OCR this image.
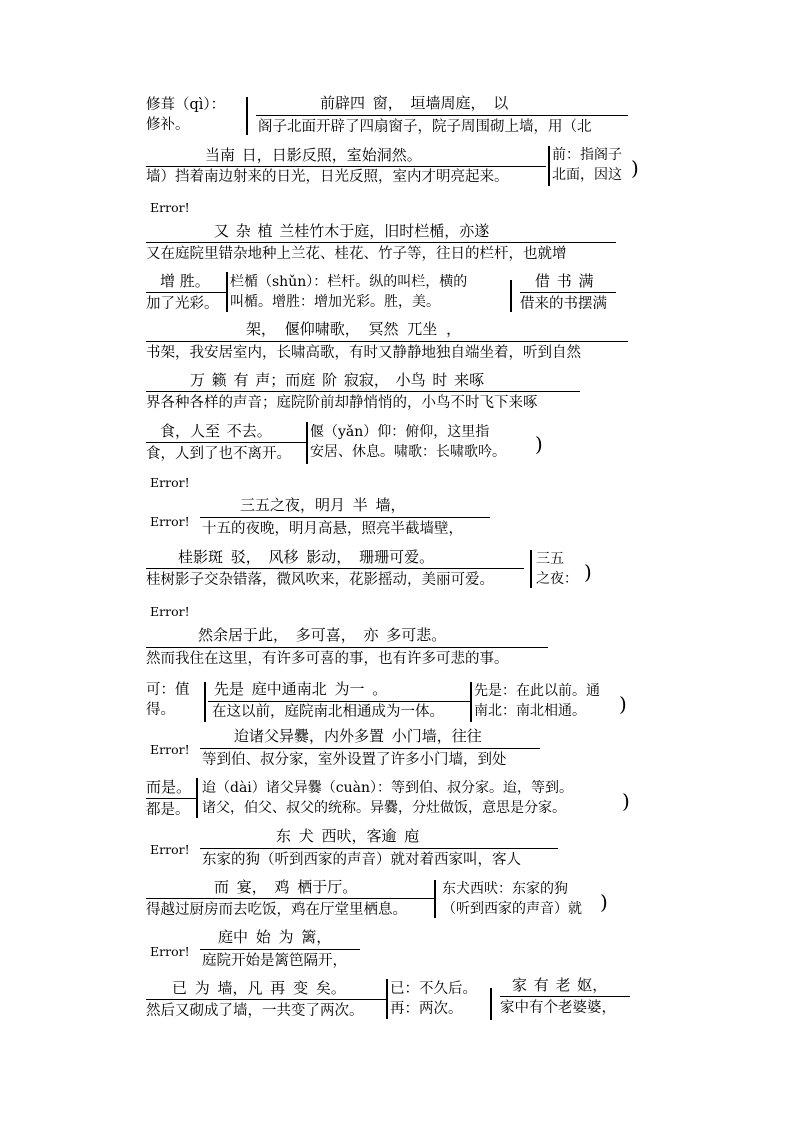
修葺（qì）：
修补。
前辟四 窗， 垣墙周庭， 以
阁子北面开辟了四扇窗子，院子周围砌上墙，用（北
当南 日，日影反照，室始洞然。
墙）挡着南边射来的日光，日光反照，室内才明亮起来。
前：指阁子
北面，因这 )
Error!
又 杂 植 兰桂竹木于庭，旧时栏楯，亦遂
又在庭院里错杂地种上兰花、桂花、竹子等，往日的栏杆，也就增
增 胜。
加了光彩。
栏楯（shǔn）：栏杆。纵的叫栏，横的
叫楯。增胜：增加光彩。胜，美。
借 书 满
借来的书摆满
架， 偃仰啸歌， 冥然 兀坐 ，
书架，我安居室内，长啸高歌，有时又静静地独自端坐着，听到自然
万 籁 有 声；而庭 阶 寂寂， 小鸟 时 来啄
界各种各样的声音；庭院阶前却静悄悄的，小鸟不时飞下来啄
食，人至 不去。
食，人到了也不离开。
偃（yǎn）仰：俯仰，这里指
安居、休息。啸歌：长啸歌吟。 )
Error!
Error!
三五之夜，明月 半 墙，
十五的夜晚，明月高悬，照亮半截墙壁，
桂影斑 驳， 风移 影动， 珊珊可爱。
桂树影子交杂错落，微风吹来，花影摇动，美丽可爱。
三五
之夜： )
Error!
然余居于此， 多可喜， 亦 多可悲。
然而我住在这里，有许多可喜的事，也有许多可悲的事。
可：值
得。
先是 庭中通南北 为一 。
在这以前，庭院南北相通成为一体。
先是：在此以前。通
南北：南北相通。 )
Error!
迨诸父异爨，内外多置 小门墙，往往
等到伯、叔分家，室外设置了许多小门墙，到处
而是。
都是。
迨（dài）诸父异爨（cuàn）：等到伯、叔分家。迨，等到。
诸父，伯父、叔父的统称。异爨，分灶做饭，意思是分家。	)
Error!
东 犬 西吠，客逾 庖
东家的狗（听到西家的声音）就对着西家叫，客人
而 宴， 鸡 栖于厅。
得越过厨房而去吃饭，鸡在厅堂里栖息。
东犬西吠：东家的狗
（听到西家的声音）就 )
Error!
庭中 始 为 篱，
庭院开始是篱笆隔开，
已 为 墙，凡 再 变 矣。
然后又砌成了墙，一共变了两次。
已：不久后。
再：两次。
家 有 老 妪，
家中有个老婆婆，
